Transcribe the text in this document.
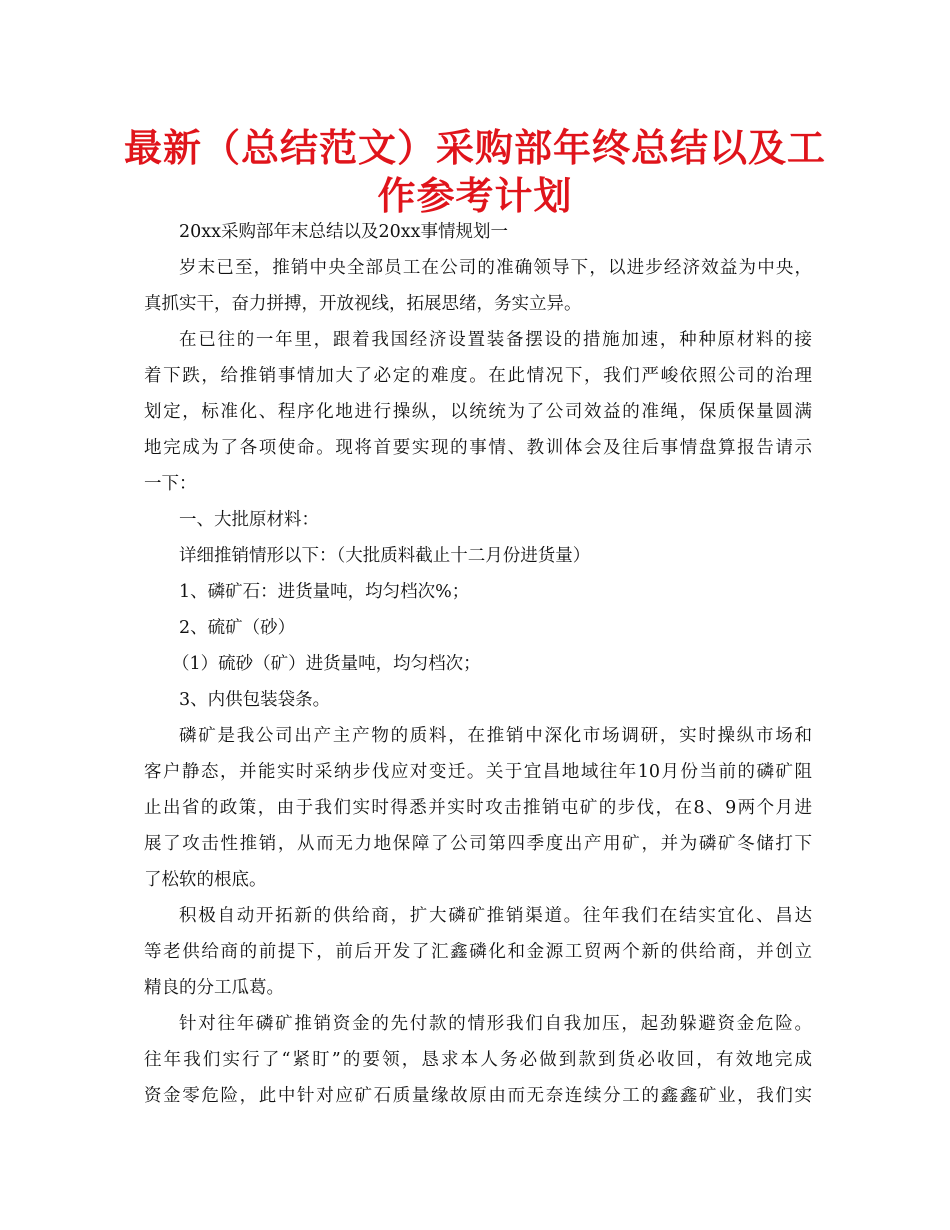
最新（总结范文）采购部年终总结以及工
作参考计划
20xx采购部年末总结以及20xx事情规划一
岁末已至，推销中央全部员工在公司的准确领导下，以进步经济效益为中央，
真抓实干，奋力拼搏，开放视线，拓展思绪，务实立异。
在已往的一年里，跟着我国经济设置装备摆设的措施加速，种种原材料的接
着下跌，给推销事情加大了必定的难度。在此情况下，我们严峻依照公司的治理
划定，标准化、程序化地进行操纵，以统统为了公司效益的准绳，保质保量圆满
地完成为了各项使命。现将首要实现的事情、教训体会及往后事情盘算报告请示
一下：
一、大批原材料：
详细推销情形以下：（大批质料截止十二月份进货量）
1、磷矿石：进货量吨，均匀档次%；
2、硫矿（砂）
（1）硫砂（矿）进货量吨，均匀档次；
3、内供包装袋条。
磷矿是我公司出产主产物的质料，在推销中深化市场调研，实时操纵市场和
客户静态，并能实时采纳步伐应对变迁。关于宜昌地域往年10月份当前的磷矿阻
止出省的政策，由于我们实时得悉并实时攻击推销屯矿的步伐，在8、9两个月进
展了攻击性推销，从而无力地保障了公司第四季度出产用矿，并为磷矿冬储打下
了松软的根底。
积极自动开拓新的供给商，扩大磷矿推销渠道。往年我们在结实宜化、昌达
等老供给商的前提下，前后开发了汇鑫磷化和金源工贸两个新的供给商，并创立
精良的分工瓜葛。
针对往年磷矿推销资金的先付款的情形我们自我加压，起劲躲避资金危险。
往年我们实行了“紧盯”的要领，恳求本人务必做到款到货必收回，有效地完成
资金零危险，此中针对应矿石质量缘故原由而无奈连续分工的鑫鑫矿业，我们实
